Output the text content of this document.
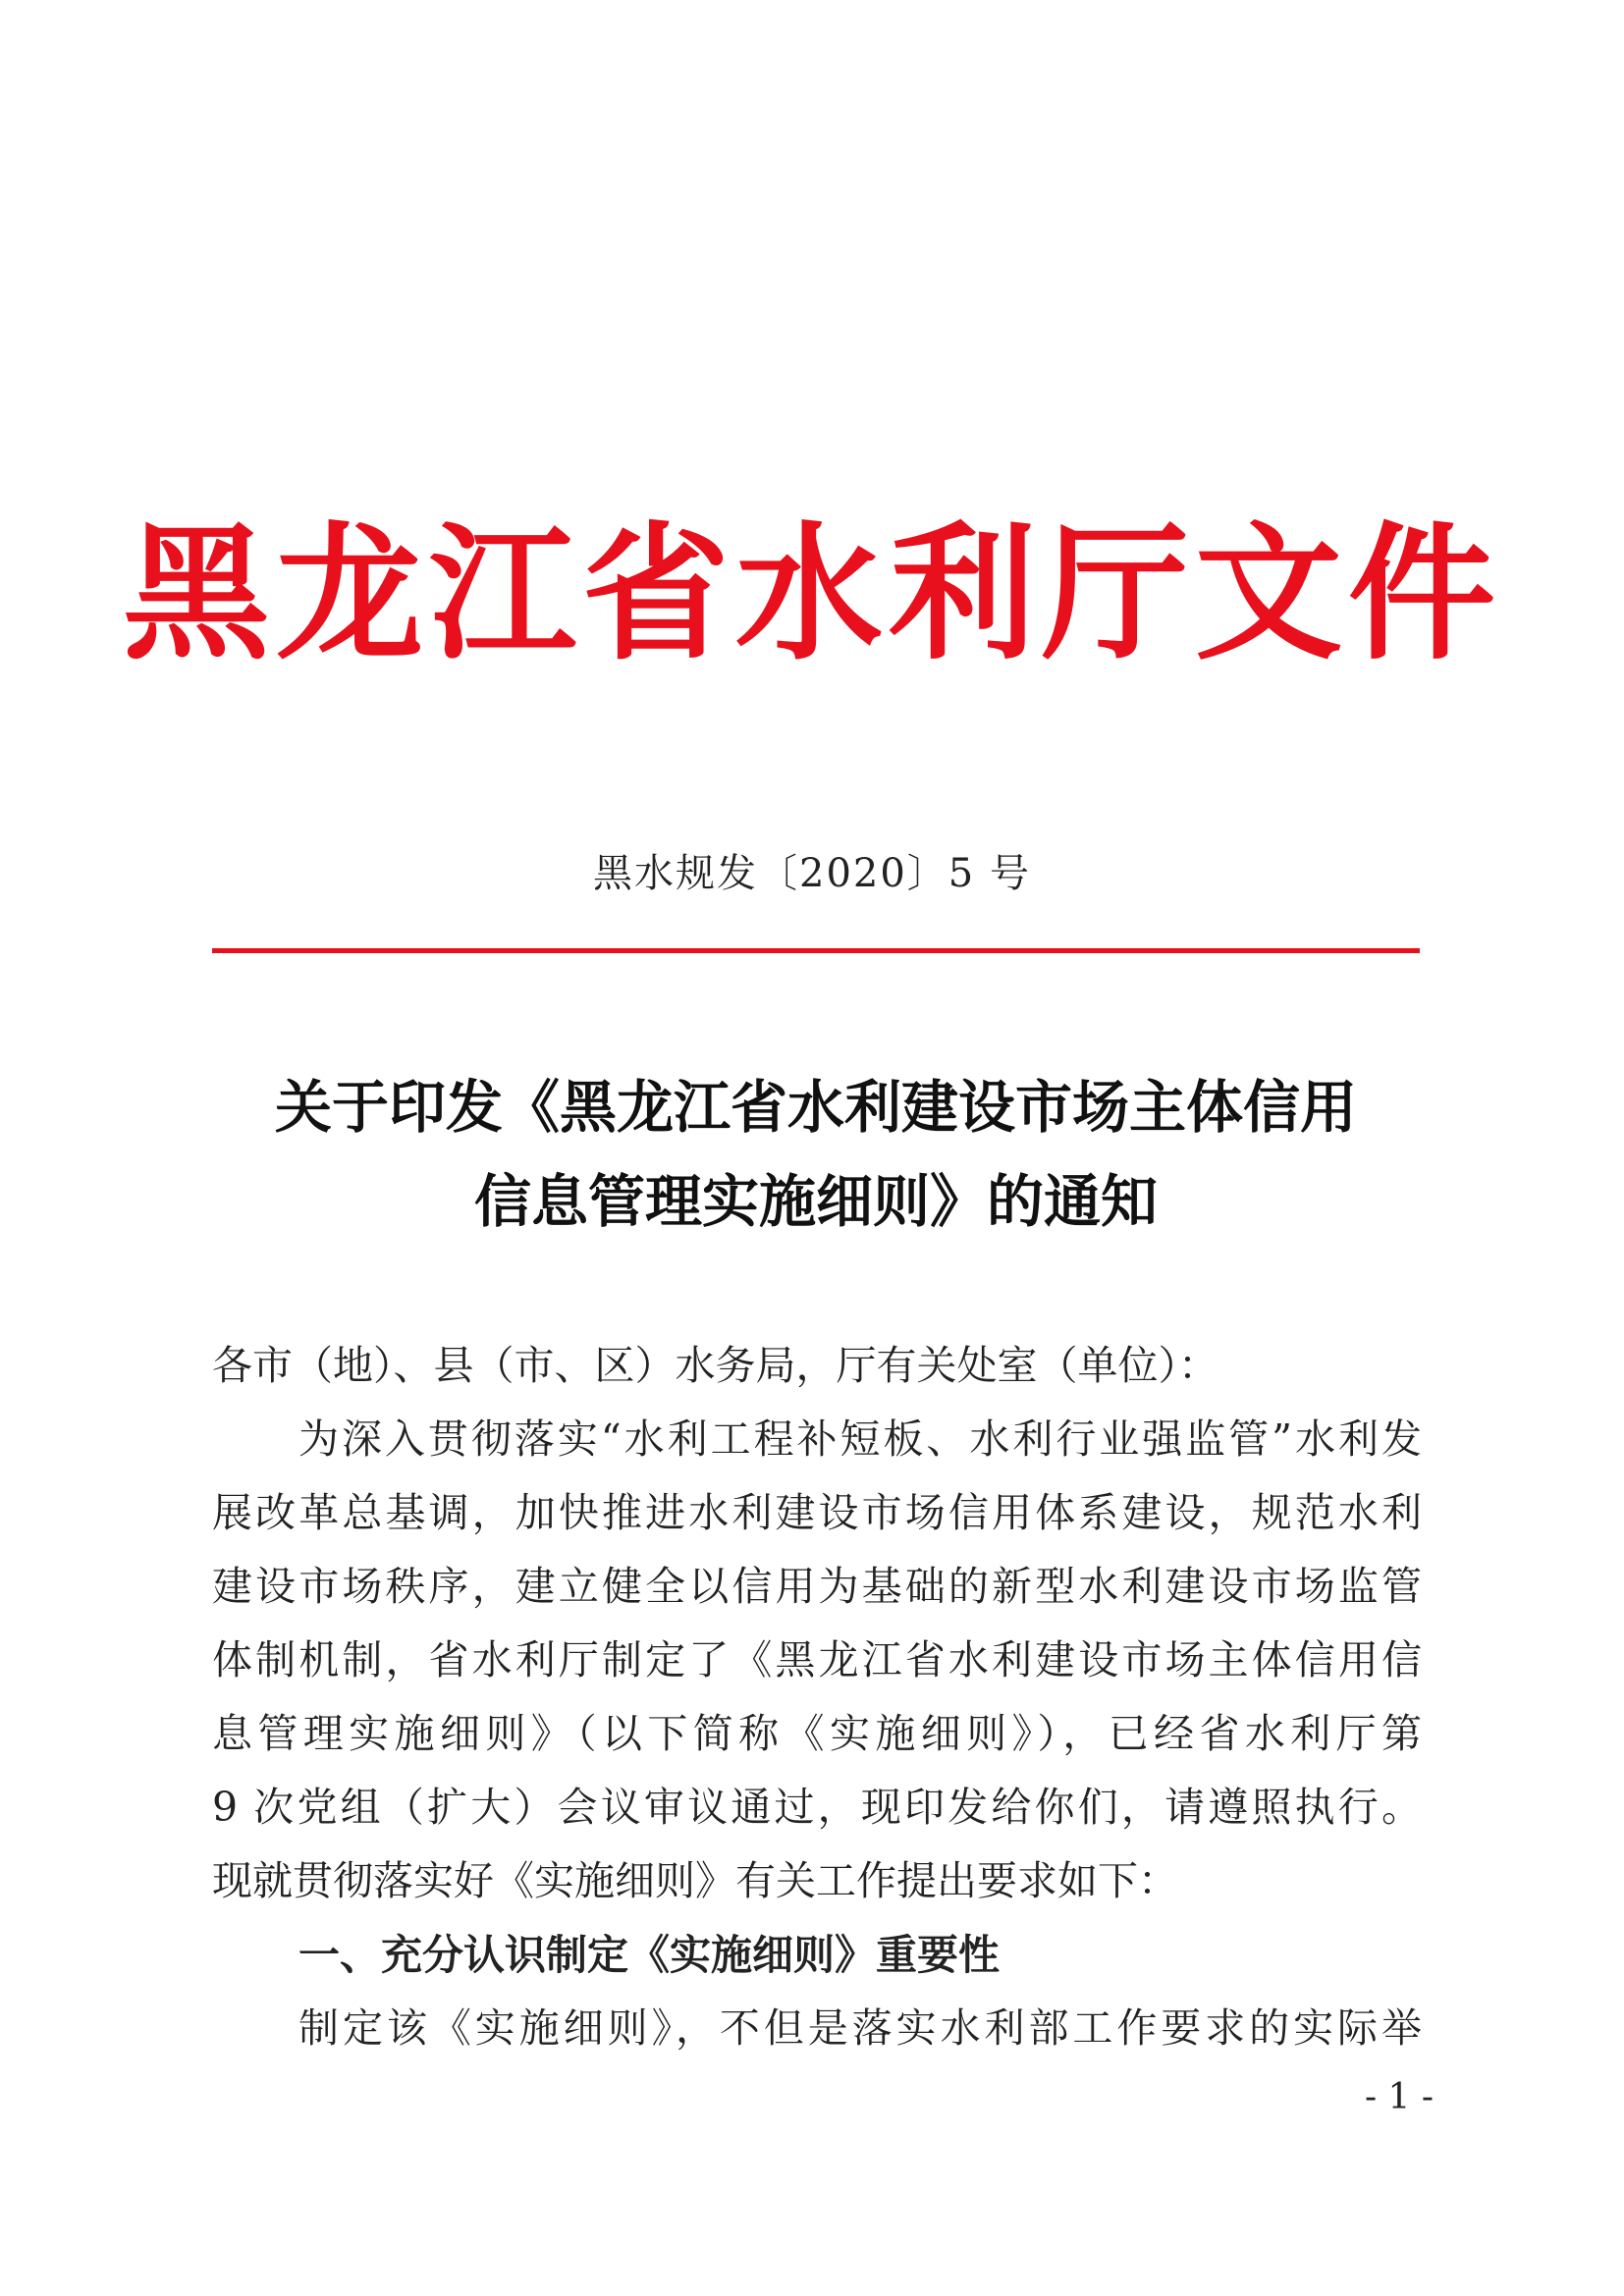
黑龙江省水利厅文件
黑水规发〔2020〕5 号
关于印发《黑龙江省水利建设市场主体信用
信息管理实施细则》的通知
各市（地）、县（市、区）水务局，厅有关处室（单位）：
为深入贯彻落实“水利工程补短板、水利行业强监管”水利发
展改革总基调，加快推进水利建设市场信用体系建设，规范水利
建设市场秩序，建立健全以信用为基础的新型水利建设市场监管
体制机制，省水利厅制定了《黑龙江省水利建设市场主体信用信
息管理实施细则》（以下简称《实施细则》），已经省水利厅第
9 次党组（扩大）会议审议通过，现印发给你们，请遵照执行。
现就贯彻落实好《实施细则》有关工作提出要求如下：
一、充分认识制定《实施细则》重要性
制定该《实施细则》，不但是落实水利部工作要求的实际举
- 1 -
